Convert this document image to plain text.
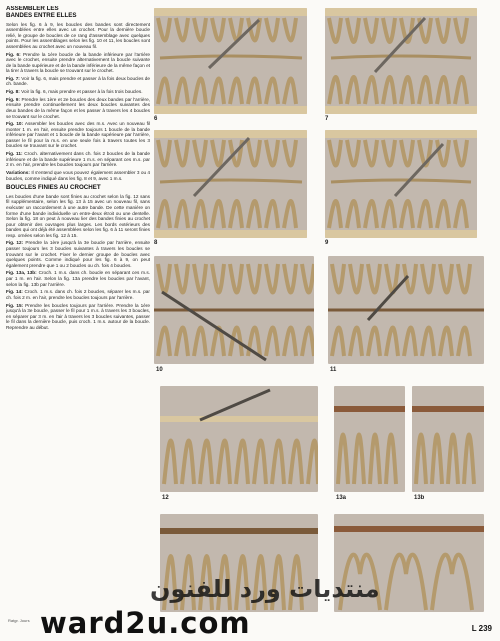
ASSEMBLER LES
BANDES ENTRE ELLES

Selon les fig. 6 à 9, les boucles des bandes sont directement assemblées entre elles avec un crochet. Pour la dernière boucle relié, le groupe de boucles de ce rang d'assemblage avec quelques points. Pour les assemblages selon les fig. 10 et 11, les boucles sont assemblées au crochet avec un nouveau fil.

Fig. 6: Prendre la 1ère boucle de la bande inférieure par l'arrière avec le crochet, ensuite prendre alternativement la boucle suivante de la bande supérieure et de la bande inférieure de la même façon et la tirer à travers la boucle se trouvant sur le crochet.

Fig. 7: Voir la fig. 6, mais prendre et passer à la fois deux boucles de ch. bande.

Fig. 8: Voir la fig. 6, mais prendre et passer à la fois trois boucles.

Fig. 9: Prendre les 1ère et 2e boucles des deux bandes par l'arrière, ensuite prendre continuellement les deux boucles suivantes des deux bandes de la même façon et les passer à travers les 4 boucles se trouvant sur le crochet.

Fig. 10: Assembler les boucles avec des m.s. Avec un nouveau fil monter 1 m. en l'air, ensuite prendre toujours 1 boucle de la bande inférieure par l'avant et 1 boucle de la bande supérieure par l'arrière, passer le fil pour la m.s. en une seule fois à travers toutes les 3 boucles se trouvant sur le crochet.

Fig. 11: Croch. alternativement dans ch. fois 2 boucles de la bande inférieure et de la bande supérieure 1 m.s. en séparant ces m.s. par 2 m. en l'air, prendre les boucles toujours par l'arrière.

Variations: Il s'entend que vous pouvez également assembler 3 ou 4 boucles, comme indiqué dans les fig. 8 et 9, avec 1 m.s.

BOUCLES FINIES AU CROCHET

Les boucles d'une bande sont finies au crochet selon la fig. 12 sans fil supplémentaire, selon les fig. 13 à 15 avec un nouveau fil, sans exécuter un raccordement à une autre bande. De cette manière on forme d'une bande individuelle un entre-deux étroit ou une dentelle. Selon la fig. 18 on peut à nouveau lier des bandes finies au crochet pour obtenir des ouvrages plus larges. Les bords extérieurs des bandes qui ont déjà été assemblées selon les fig. 6 à 11 seront finies resp. ornées selon les fig. 12 à 15.

Fig. 12: Prendre la 1ère jusqu'à la 3e boucle par l'arrière, ensuite passer toujours les 3 boucles suivantes à travers les boucles se trouvant sur le crochet. Fixer le dernier groupe de boucles avec quelques points. Comme indiqué pour les fig. 6 à 9, on peut également prendre que 1 ou 2 boucles ou ch. fois 4 boucles.

Fig. 13a, 13b: Croch. 1 m.s. dans ch. boucle en séparant ces m.s. par 1 m. en l'air. Selon la fig. 13a prendre les boucles par l'avant, selon la fig. 13b par l'arrière.

Fig. 14: Croch. 1 m.s. dans ch. fois 2 boucles, séparer les m.s. par ch. fois 2 m. en l'air, prendre les boucles toujours par l'arrière.

Fig. 15: Prendre les boucles toujours par l'arrière. Prendre la 1ère jusqu'à la 3e boucle, passer le fil pour 1 m.s. à travers les 3 boucles, en séparer par 3 m. en l'air à travers les 3 boucles suivantes, passer le fil dans la dernière boucle, puis croch. 1 m.s. autour de la boucle. Reprendre au début.

6	7
8	9
10	11
12	13a	13b
منتديات ورد للفنون
ward2u.com
Ratgr. Jours
L 239
